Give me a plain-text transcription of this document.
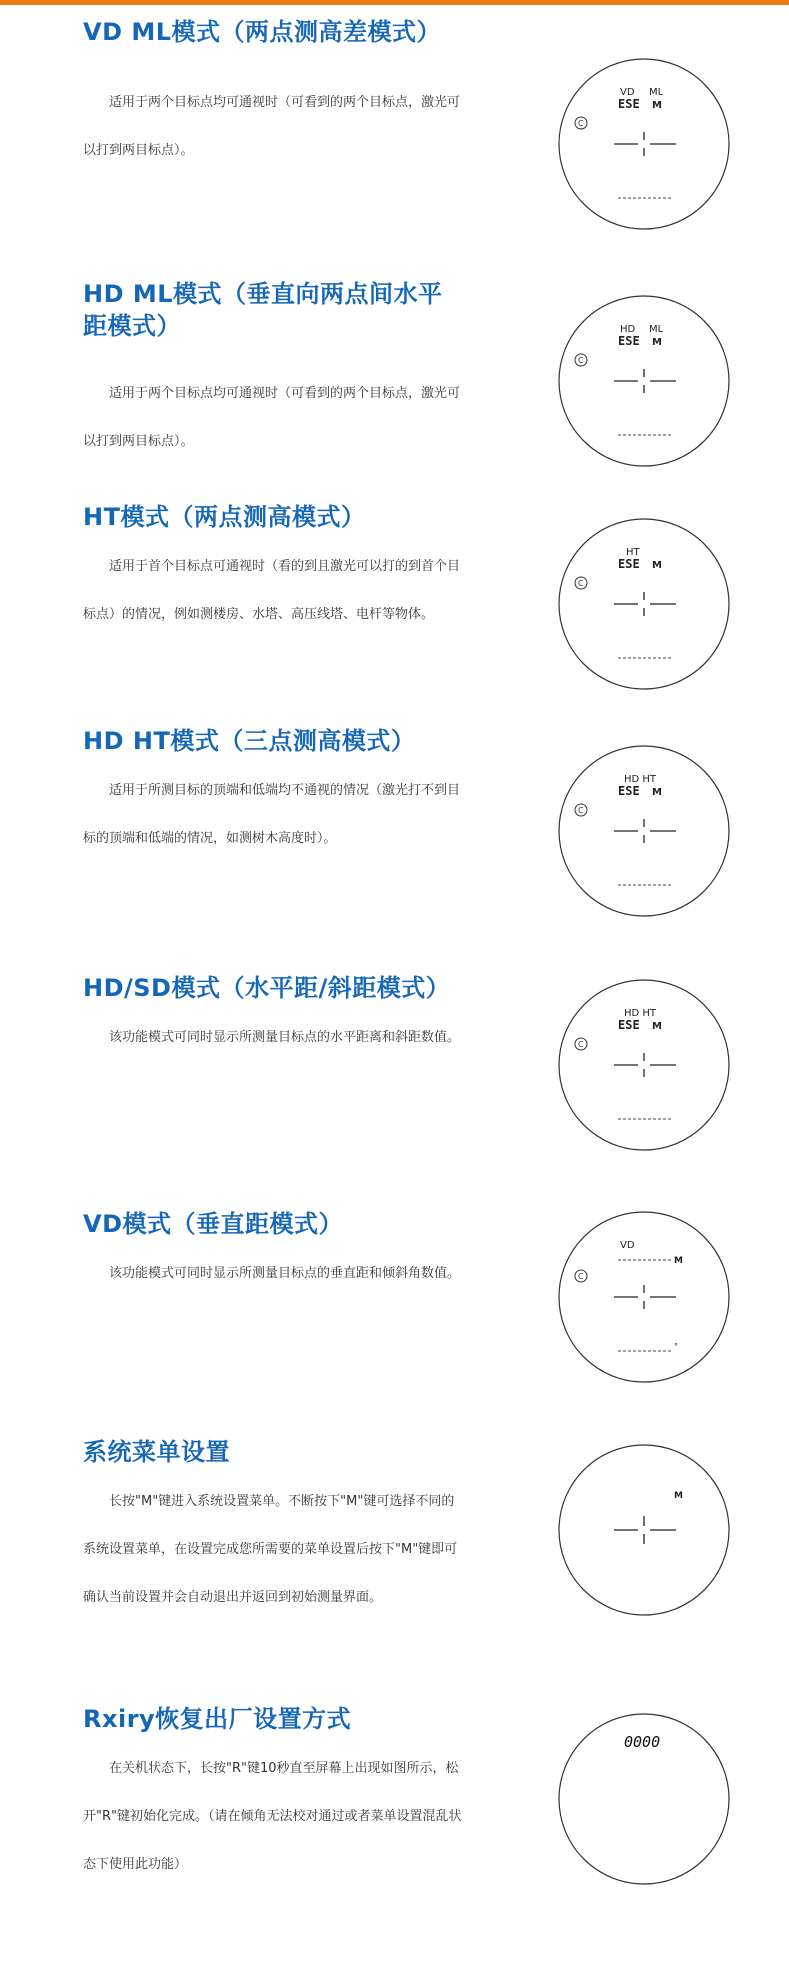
VD ML模式（两点测高差模式）

适用于两个目标点均可通视时（可看到的两个目标点，激光可以打到两目标点）。

VD ML
ESE M
C
HD ML模式（垂直向两点间水平距模式）

适用于两个目标点均可通视时（可看到的两个目标点，激光可以打到两目标点）。

HD ML
ESE M
C
HT模式（两点测高模式）

适用于首个目标点可通视时（看的到且激光可以打的到首个目标点）的情况，例如测楼房、水塔、高压线塔、电杆等物体。

HT
ESE M
C
HD HT模式（三点测高模式）

适用于所测目标的顶端和低端均不通视的情况（激光打不到目标的顶端和低端的情况，如测树木高度时）。

HD HT
ESE M
C
HD/SD模式（水平距/斜距模式）

该功能模式可同时显示所测量目标点的水平距离和斜距数值。

HD HT
ESE M
C
VD模式（垂直距模式）

该功能模式可同时显示所测量目标点的垂直距和倾斜角数值。

VD
M
C
°
系统菜单设置

长按"M"键进入系统设置菜单。不断按下"M"键可选择不同的系统设置菜单，在设置完成您所需要的菜单设置后按下"M"键即可确认当前设置并会自动退出并返回到初始测量界面。

M
Rxiry恢复出厂设置方式

在关机状态下，长按"R"键10秒直至屏幕上出现如图所示，松开"R"键初始化完成。（请在倾角无法校对通过或者菜单设置混乱状态下使用此功能）

0000
